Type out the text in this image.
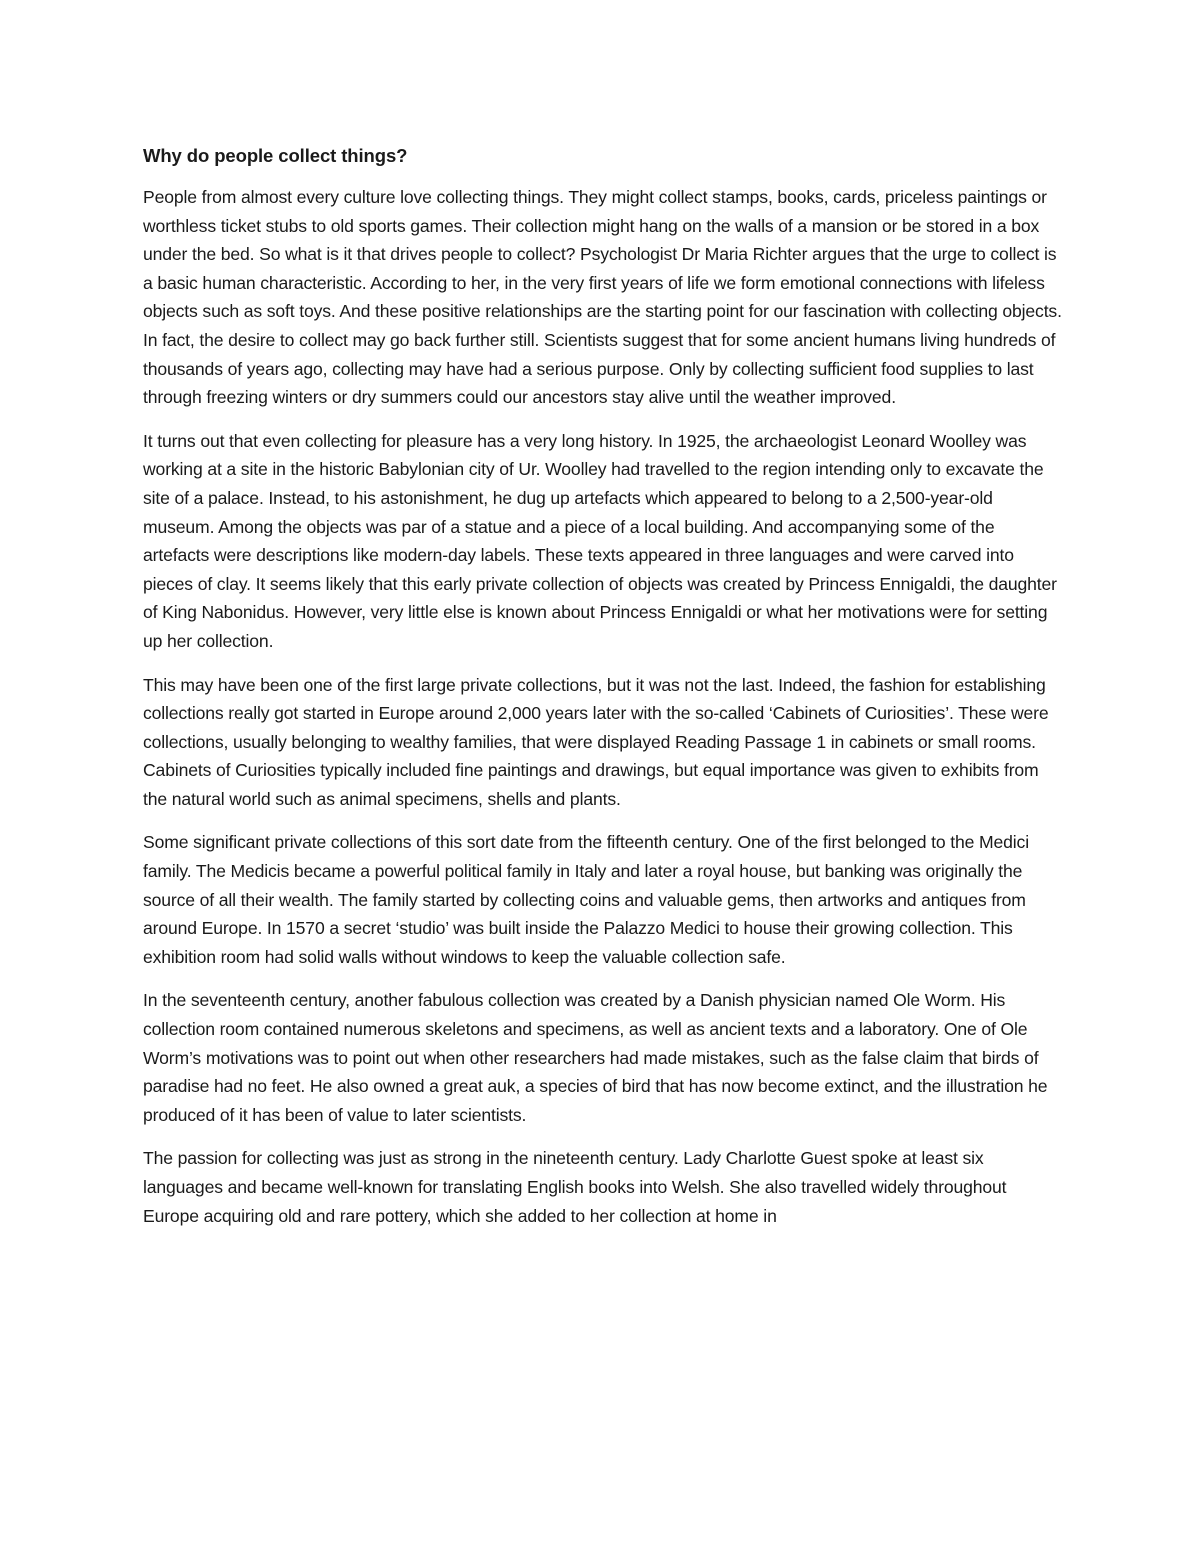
Why do people collect things?
People from almost every culture love collecting things. They might collect stamps, books, cards, priceless paintings or worthless ticket stubs to old sports games. Their collection might hang on the walls of a mansion or be stored in a box under the bed. So what is it that drives people to collect? Psychologist Dr Maria Richter argues that the urge to collect is a basic human characteristic. According to her, in the very first years of life we form emotional connections with lifeless objects such as soft toys. And these positive relationships are the starting point for our fascination with collecting objects. In fact, the desire to collect may go back further still. Scientists suggest that for some ancient humans living hundreds of thousands of years ago, collecting may have had a serious purpose. Only by collecting sufficient food supplies to last through freezing winters or dry summers could our ancestors stay alive until the weather improved.
It turns out that even collecting for pleasure has a very long history. In 1925, the archaeologist Leonard Woolley was working at a site in the historic Babylonian city of Ur. Woolley had travelled to the region intending only to excavate the site of a palace. Instead, to his astonishment, he dug up artefacts which appeared to belong to a 2,500-year-old museum. Among the objects was par of a statue and a piece of a local building. And accompanying some of the artefacts were descriptions like modern-day labels. These texts appeared in three languages and were carved into pieces of clay. It seems likely that this early private collection of objects was created by Princess Ennigaldi, the daughter of King Nabonidus. However, very little else is known about Princess Ennigaldi or what her motivations were for setting up her collection.
This may have been one of the first large private collections, but it was not the last. Indeed, the fashion for establishing collections really got started in Europe around 2,000 years later with the so-called ‘Cabinets of Curiosities’. These were collections, usually belonging to wealthy families, that were displayed Reading Passage 1 in cabinets or small rooms. Cabinets of Curiosities typically included fine paintings and drawings, but equal importance was given to exhibits from the natural world such as animal specimens, shells and plants.
Some significant private collections of this sort date from the fifteenth century. One of the first belonged to the Medici family. The Medicis became a powerful political family in Italy and later a royal house, but banking was originally the source of all their wealth. The family started by collecting coins and valuable gems, then artworks and antiques from around Europe. In 1570 a secret ‘studio’ was built inside the Palazzo Medici to house their growing collection. This exhibition room had solid walls without windows to keep the valuable collection safe.
In the seventeenth century, another fabulous collection was created by a Danish physician named Ole Worm. His collection room contained numerous skeletons and specimens, as well as ancient texts and a laboratory. One of Ole Worm’s motivations was to point out when other researchers had made mistakes, such as the false claim that birds of paradise had no feet. He also owned a great auk, a species of bird that has now become extinct, and the illustration he produced of it has been of value to later scientists.
The passion for collecting was just as strong in the nineteenth century. Lady Charlotte Guest spoke at least six languages and became well-known for translating English books into Welsh. She also travelled widely throughout Europe acquiring old and rare pottery, which she added to her collection at home in
